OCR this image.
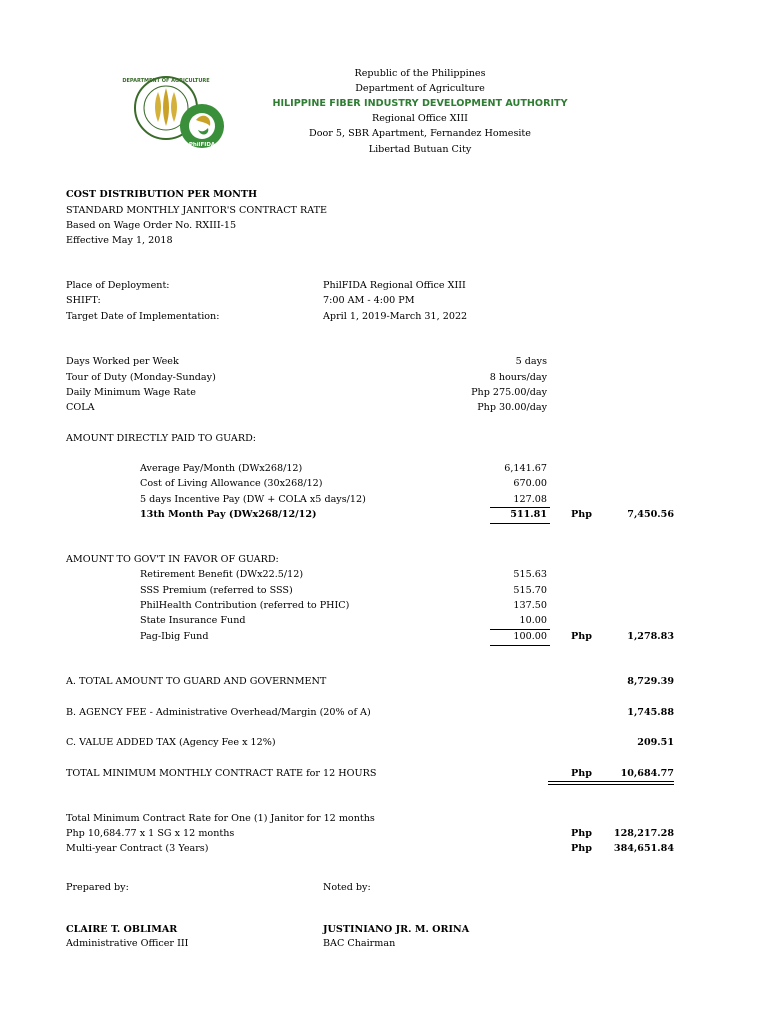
DEPARTMENT OF AGRICULTURE
PhilFIDA
Republic of the Philippines
Department of Agriculture
HILIPPINE FIBER INDUSTRY DEVELOPMENT AUTHORITY
Regional Office XIII
Door 5, SBR Apartment, Fernandez Homesite
Libertad Butuan City
COST DISTRIBUTION PER MONTH
STANDARD MONTHLY JANITOR'S CONTRACT RATE
Based on Wage Order No. RXIII-15
Effective May 1, 2018
Place of Deployment:	PhilFIDA Regional Office XIII
SHIFT:	7:00 AM - 4:00 PM
Target Date of Implementation:	April 1, 2019-March 31, 2022
Days Worked per Week	5 days
Tour of Duty (Monday-Sunday)	8 hours/day
Daily Minimum Wage Rate	Php 275.00/day
COLA	Php 30.00/day
AMOUNT DIRECTLY PAID TO GUARD:
Average Pay/Month (DWx268/12)	6,141.67
Cost of Living Allowance (30x268/12)	670.00
5 days Incentive Pay (DW + COLA x5 days/12)	127.08
13th Month Pay (DWx268/12/12)	511.81	Php	7,450.56
AMOUNT TO GOV'T IN FAVOR OF GUARD:
Retirement Benefit (DWx22.5/12)	515.63
SSS Premium (referred to SSS)	515.70
PhilHealth Contribution (referred to PHIC)	137.50
State Insurance Fund	10.00
Pag-Ibig Fund	100.00	Php	1,278.83
A. TOTAL AMOUNT TO GUARD AND GOVERNMENT	8,729.39
B. AGENCY FEE - Administrative Overhead/Margin (20% of A)	1,745.88
C. VALUE ADDED TAX (Agency Fee x 12%)	209.51
TOTAL MINIMUM MONTHLY CONTRACT RATE for 12 HOURS	Php	10,684.77
Total Minimum Contract Rate for One (1) Janitor for 12 months
Php 10,684.77 x 1 SG x 12 months	Php	128,217.28
Multi-year Contract (3 Years)	Php	384,651.84
Prepared by:	Noted by:
CLAIRE T. OBLIMAR	JUSTINIANO JR. M. ORINA
Administrative Officer III	BAC Chairman
